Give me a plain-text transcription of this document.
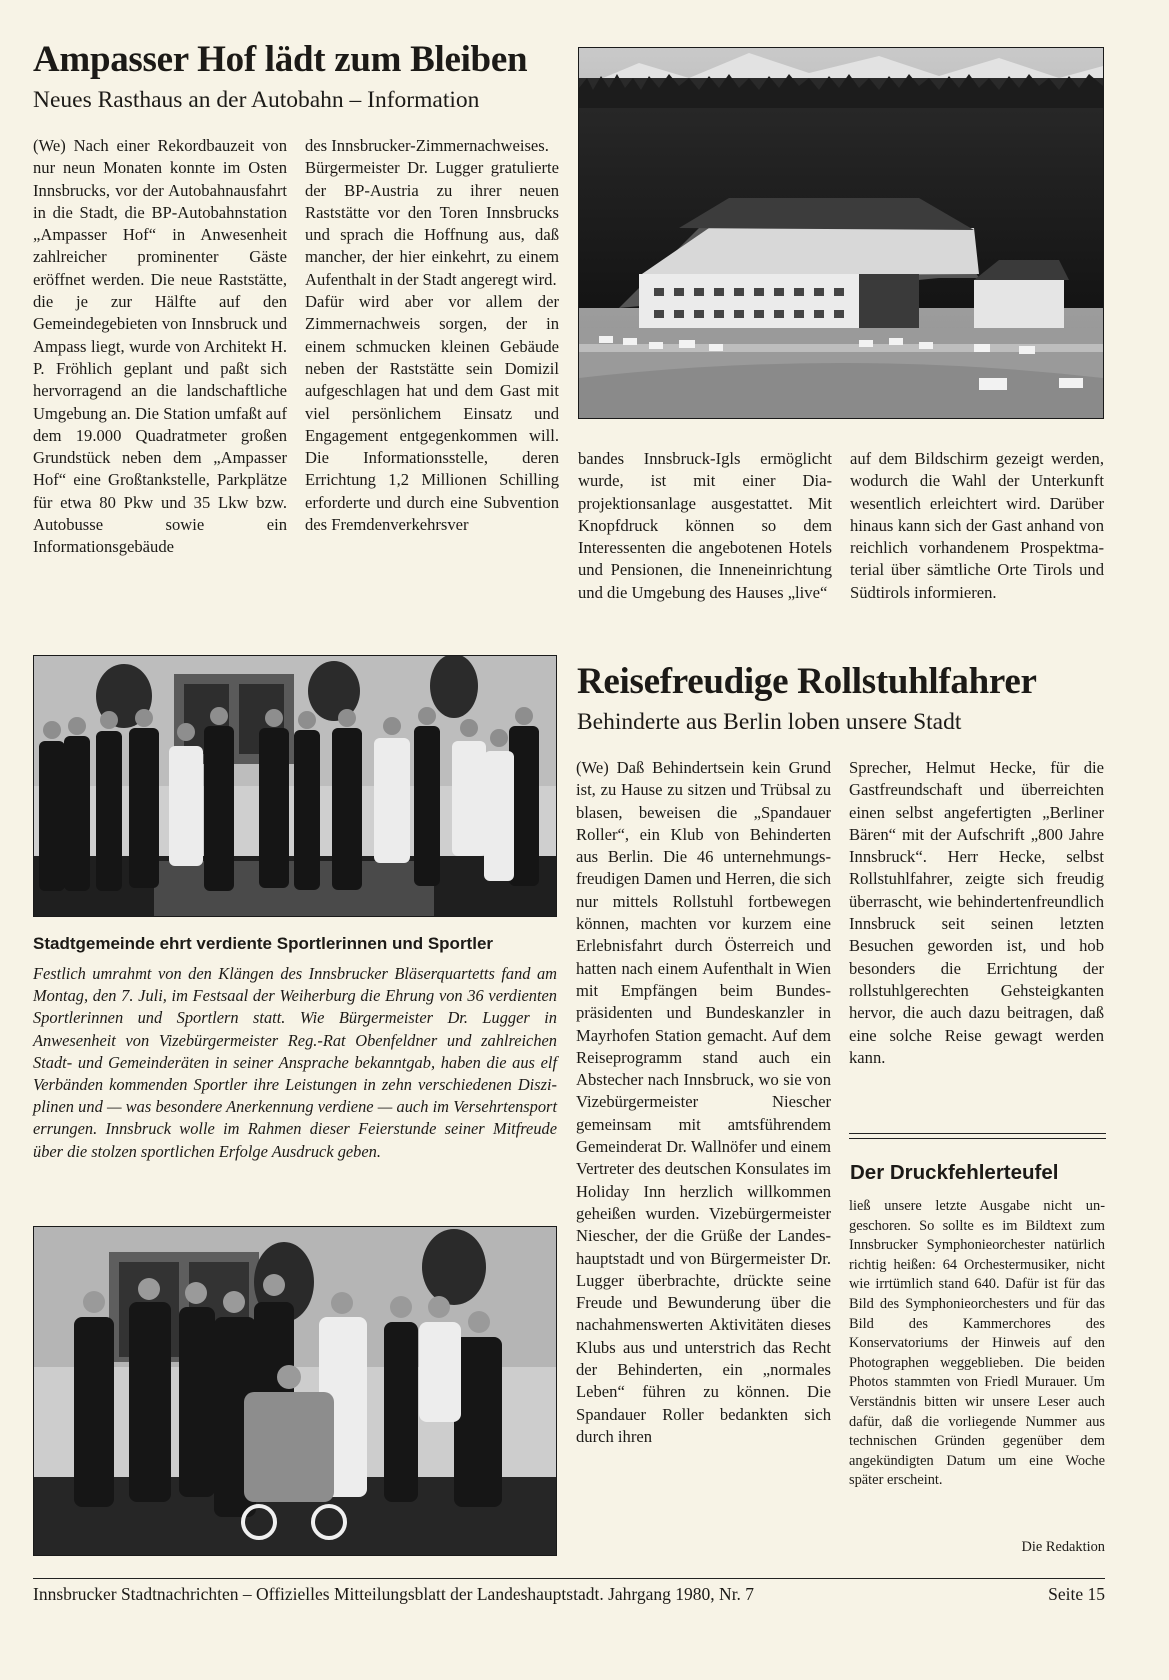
Ampasser Hof lädt zum Bleiben
Neues Rasthaus an der Autobahn – Information

(We) Nach einer Rekordbauzeit von nur neun Monaten konnte im Osten Innsbrucks, vor der Autobahnausfahrt in die Stadt, die BP-Autobahnstation „Ampasser Hof“ in Anwesenheit zahlreicher prominenter Gäste eröffnet werden. Die neue Raststätte, die je zur Hälfte auf den Gemeindegebieten von Innsbruck und Ampass liegt, wurde von Architekt H. P. Fröhlich geplant und paßt sich hervorragend an die landschaftliche Umgebung an. Die Station umfaßt auf dem 19.000 Quadratmeter großen Grundstück neben dem „Ampasser Hof“ eine Großtankstelle, Parkplätze für etwa 80 Pkw und 35 Lkw bzw. Autobusse sowie ein Informationsgebäude

des Innsbrucker-Zimmernachweises.

Bürgermeister Dr. Lugger gratulierte der BP-Austria zu ihrer neuen Raststätte vor den Toren Innsbrucks und sprach die Hoffnung aus, daß mancher, der hier einkehrt, zu einem Aufenthalt in der Stadt angeregt wird.

Dafür wird aber vor allem der Zimmernachweis sorgen, der in einem schmucken kleinen Gebäude neben der Raststätte sein Domizil aufgeschlagen hat und dem Gast mit viel persönlichem Einsatz und Engagement entgegenkommen will. Die Informationsstelle, deren Errichtung 1,2 Millionen Schilling erforderte und durch eine Subvention des Fremdenverkehrsver

bandes Innsbruck-Igls ermöglicht wurde, ist mit einer Diaprojektionsanlage ausgestattet. Mit Knopfdruck können so dem Interessenten die angebotenen Hotels und Pensionen, die Inneneinrichtung und die Umgebung des Hauses „live“

auf dem Bildschirm gezeigt werden, wodurch die Wahl der Unterkunft wesentlich erleichtert wird. Darüber hinaus kann sich der Gast anhand von reichlich vorhandenem Prospektmaterial über sämtliche Orte Tirols und Südtirols informieren.

Stadtgemeinde ehrt verdiente Sportlerinnen und Sportler
Festlich umrahmt von den Klängen des Innsbrucker Bläserquartetts fand am Montag, den 7. Juli, im Festsaal der Weiherburg die Ehrung von 36 verdienten Sportlerinnen und Sportlern statt. Wie Bürgermeister Dr. Lugger in Anwesenheit von Vizebürgermeister Reg.-Rat Obenfeldner und zahlreichen Stadt- und Gemeinderäten in seiner Ansprache bekanntgab, haben die aus elf Verbänden kommenden Sportler ihre Leistungen in zehn verschiedenen Disziplinen und — was besondere Anerkennung verdiene — auch im Versehrtensport errungen. Innsbruck wolle im Rahmen dieser Feierstunde seiner Mitfreude über die stolzen sportlichen Erfolge Ausdruck geben.
Reisefreudige Rollstuhlfahrer
Behinderte aus Berlin loben unsere Stadt

(We) Daß Behindertsein kein Grund ist, zu Hause zu sitzen und Trübsal zu blasen, beweisen die „Spandauer Roller“, ein Klub von Behinderten aus Berlin. Die 46 unternehmungsfreudigen Damen und Herren, die sich nur mittels Rollstuhl fortbewegen können, machten vor kurzem eine Erlebnisfahrt durch Österreich und hatten nach einem Aufenthalt in Wien mit Empfängen beim Bundespräsidenten und Bundeskanzler in Mayrhofen Station gemacht. Auf dem Reiseprogramm stand auch ein Abstecher nach Innsbruck, wo sie von Vizebürgermeister Niescher gemeinsam mit amtsführendem Gemeinderat Dr. Wallnöfer und einem Vertreter des deutschen Konsulates im Holiday Inn herzlich willkommen geheißen wurden. Vizebürgermeister Niescher, der die Grüße der Landeshauptstadt und von Bürgermeister Dr. Lugger überbrachte, drückte seine Freude und Bewunderung über die nachahmenswerten Aktivitäten dieses Klubs aus und unterstrich das Recht der Behinderten, ein „normales Leben“ führen zu können. Die Spandauer Roller bedankten sich durch ihren

Sprecher, Helmut Hecke, für die Gastfreundschaft und überreichten einen selbst angefertigten „Berliner Bären“ mit der Aufschrift „800 Jahre Innsbruck“. Herr Hecke, selbst Rollstuhlfahrer, zeigte sich freudig überrascht, wie behindertenfreundlich Innsbruck seit seinen letzten Besuchen geworden ist, und hob besonders die Errichtung der rollstuhlgerechten Gehsteigkanten hervor, die auch dazu beitragen, daß eine solche Reise gewagt werden kann.

Der Druckfehlerteufel
ließ unsere letzte Ausgabe nicht ungeschoren. So sollte es im Bildtext zum Innsbrucker Symphonieorchester natürlich richtig heißen: 64 Orchestermusiker, nicht wie irrtümlich stand 640. Dafür ist für das Bild des Symphonieorchesters und für das Bild des Kammerchores des Konservatoriums der Hinweis auf den Photographen weggeblieben. Die beiden Photos stammten von Friedl Murauer. Um Verständnis bitten wir unsere Leser auch dafür, daß die vorliegende Nummer aus technischen Gründen gegenüber dem angekündigten Datum um eine Woche später erscheint.
Die Redaktion
Innsbrucker Stadtnachrichten – Offizielles Mitteilungsblatt der Landeshauptstadt. Jahrgang 1980, Nr. 7	Seite 15
